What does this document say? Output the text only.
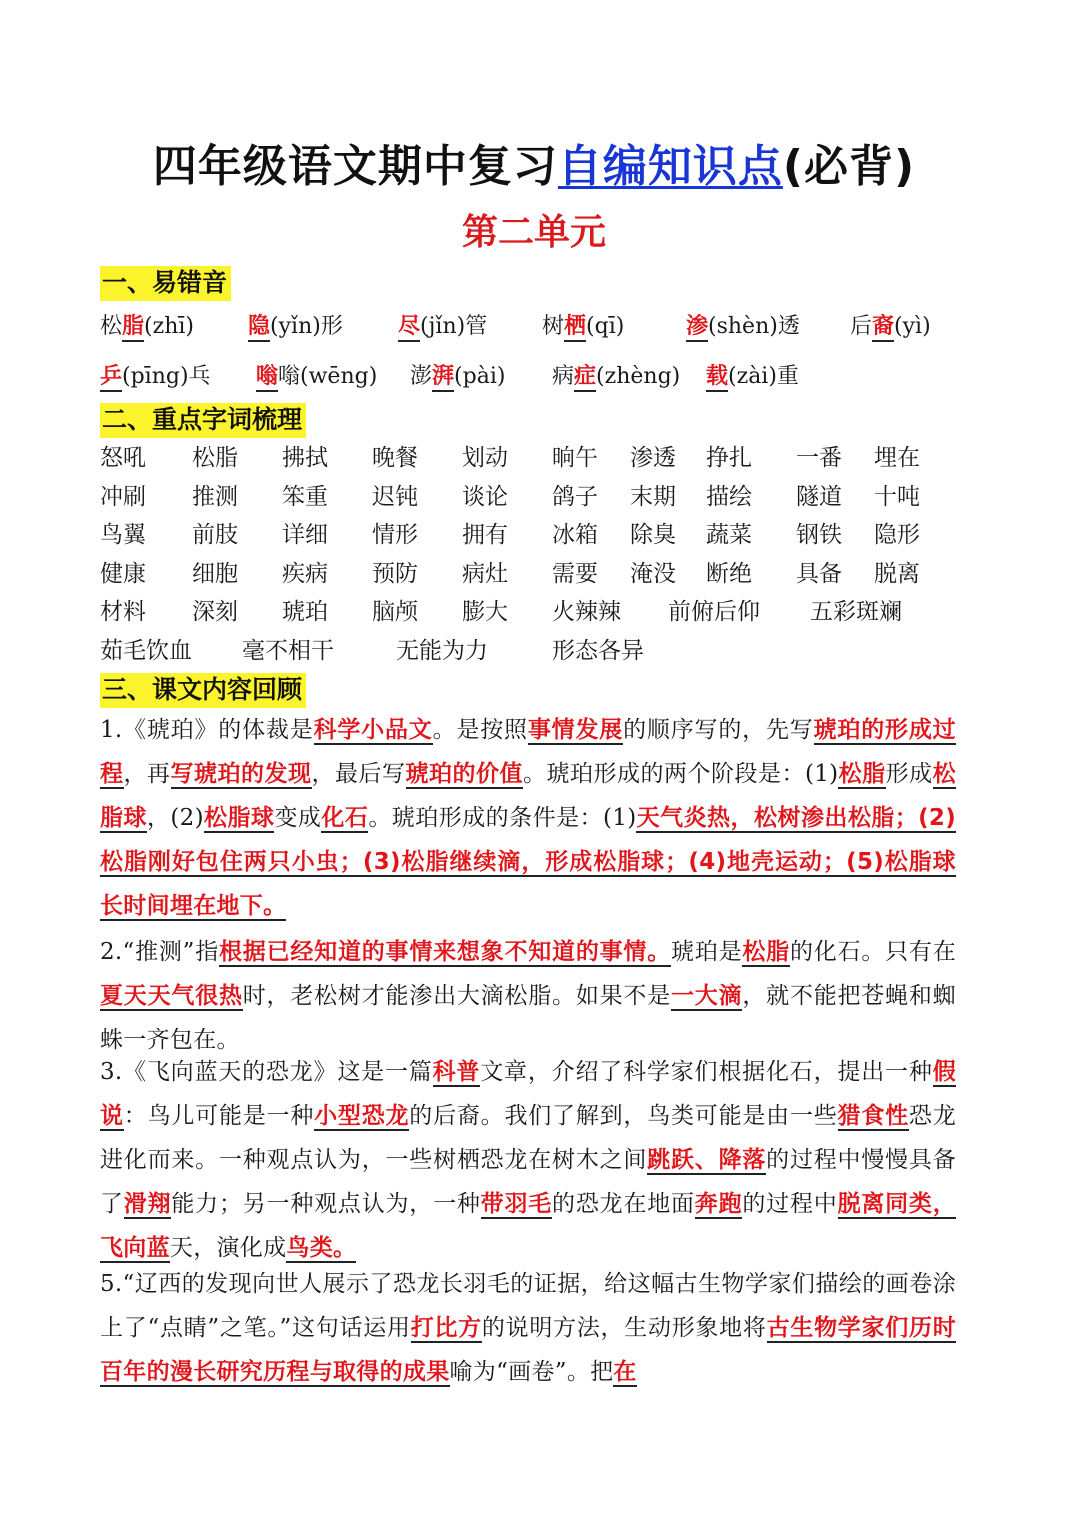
四年级语文期中复习自编知识点(必背)
第二单元
一、易错音
松脂(zhī) 隐(yǐn)形	尽(jǐn)管 树栖(qī)	渗(shèn)透 后裔(yì)
乒(pīng)乓 嗡嗡(wēng) 澎湃(pài) 病症(zhèng) 载(zài)重
二、重点字词梳理
怒吼 松脂 拂拭 晚餐 划动 晌午 渗透 挣扎 一番 埋在
冲刷 推测 笨重 迟钝 谈论 鸽子 末期 描绘 隧道 十吨
鸟翼 前肢 详细 情形 拥有 冰箱 除臭 蔬菜 钢铁 隐形
健康 细胞 疾病 预防 病灶 需要 淹没 断绝 具备 脱离
材料 深刻 琥珀 脑颅 膨大 火辣辣 前俯后仰 五彩斑斓
茹毛饮血 毫不相干	无能为力	形态各异
三、课文内容回顾
1.《琥珀》的体裁是科学小品文。是按照事情发展的顺序写的，先写琥珀的形成过程，再写琥珀的发现，最后写琥珀的价值。琥珀形成的两个阶段是：(1)松脂形成松脂球，(2)松脂球变成化石。琥珀形成的条件是：(1)天气炎热，松树渗出松脂；(2)松脂刚好包住两只小虫；(3)松脂继续滴，形成松脂球；(4)地壳运动；(5)松脂球长时间埋在地下。
2.“推测”指根据已经知道的事情来想象不知道的事情。琥珀是松脂的化石。只有在夏天天气很热时，老松树才能渗出大滴松脂。如果不是一大滴，就不能把苍蝇和蜘蛛一齐包在。
3.《飞向蓝天的恐龙》这是一篇科普文章，介绍了科学家们根据化石，提出一种假说：鸟儿可能是一种小型恐龙的后裔。我们了解到，鸟类可能是由一些猎食性恐龙进化而来。一种观点认为，一些树栖恐龙在树木之间跳跃、降落的过程中慢慢具备了滑翔能力；另一种观点认为，一种带羽毛的恐龙在地面奔跑的过程中脱离同类，飞向蓝天，演化成鸟类。
5.“辽西的发现向世人展示了恐龙长羽毛的证据，给这幅古生物学家们描绘的画卷涂上了“点睛”之笔。”这句话运用打比方的说明方法，生动形象地将古生物学家们历时百年的漫长研究历程与取得的成果喻为“画卷”。把在
